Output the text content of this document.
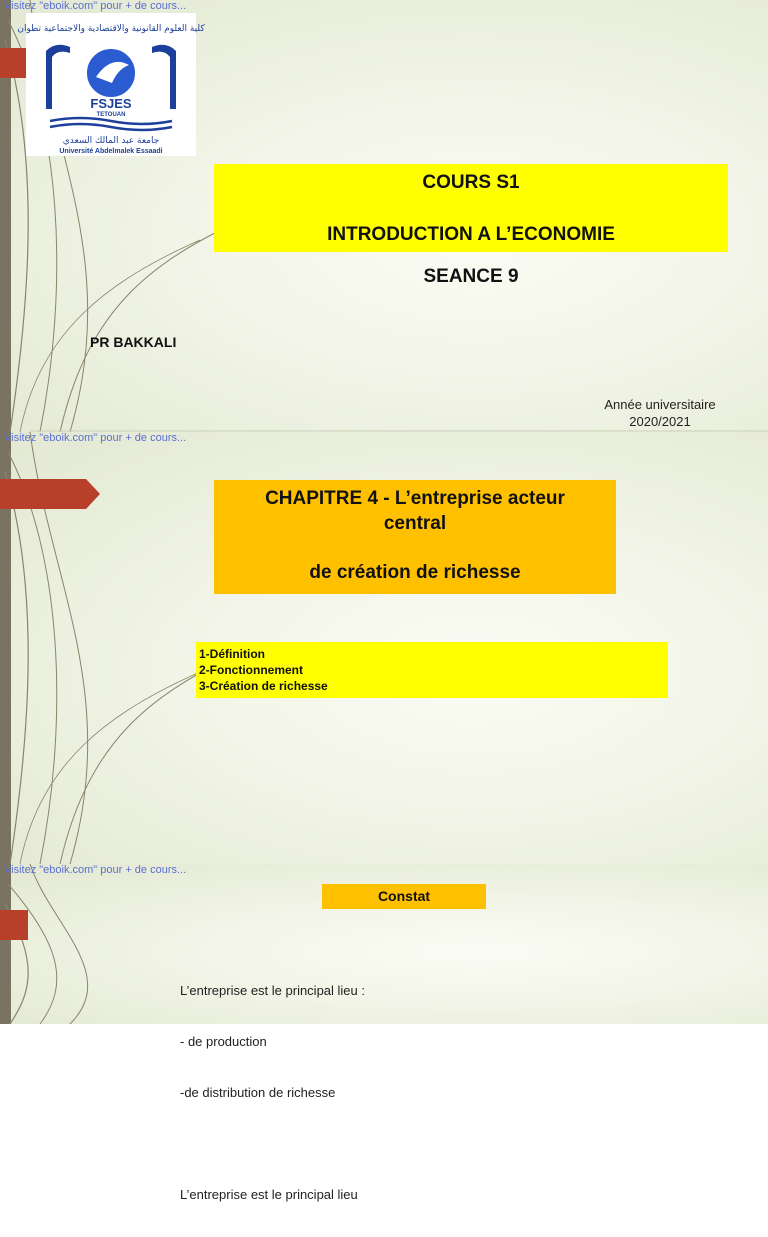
Visitez "eboik.com" pour + de cours...
كلية العلوم القانونية والاقتصادية والاجتماعية تطوان
FSJES
TETOUAN
جامعة عبد المالك السعدي
Université Abdelmalek Essaadi
COURS S1
INTRODUCTION A L’ECONOMIE
SEANCE 9
PR BAKKALI
Année universitaire
2020/2021
Visitez "eboik.com" pour + de cours...
CHAPITRE 4 - L’entreprise acteur
central
de création de richesse
1-Définition
2-Fonctionnement
3-Création de richesse
Visitez "eboik.com" pour + de cours...
Constat

L’entreprise est le principal lieu :

- de production

-de distribution de richesse

L’entreprise est le principal lieu
